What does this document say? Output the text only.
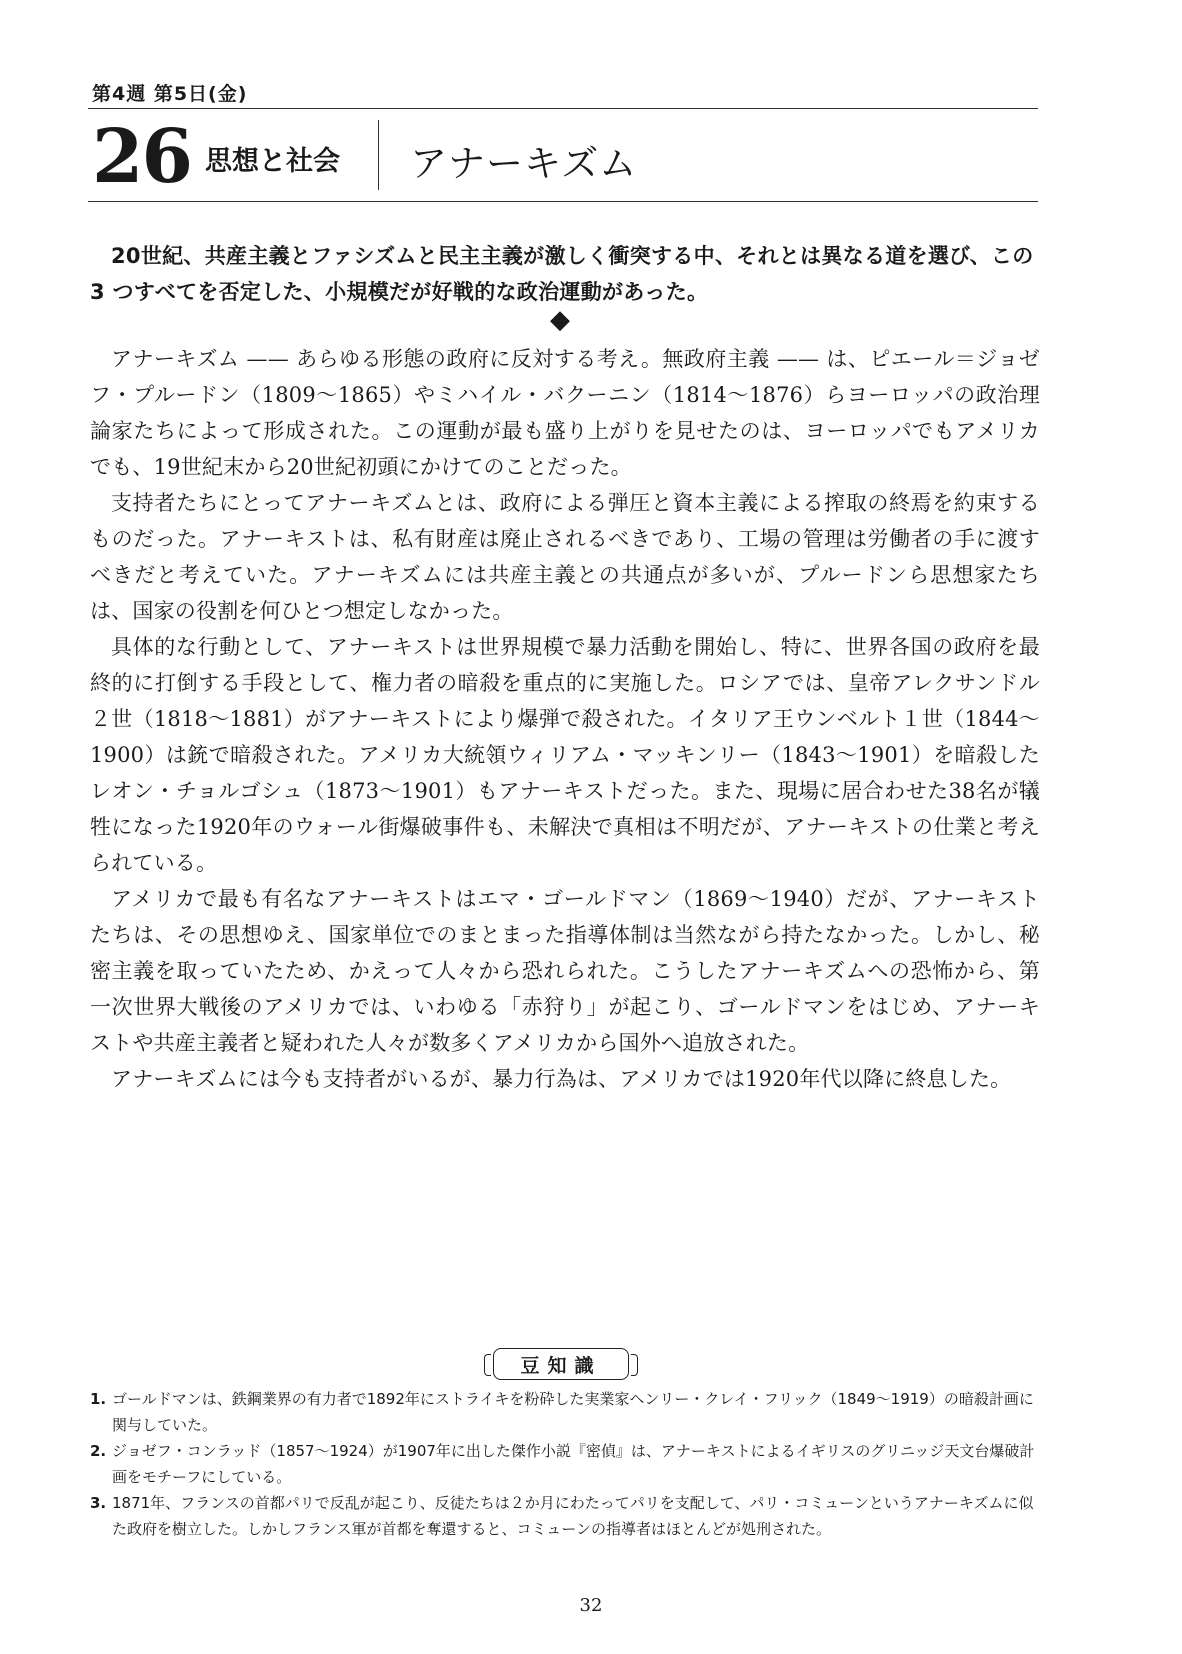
第4週 第5日(金)
26 思想と社会 アナーキズム
20世紀、共産主義とファシズムと民主主義が激しく衝突する中、それとは異なる道を選び、この 3 つすべてを否定した、小規模だが好戦的な政治運動があった。
◆

アナーキズム —— あらゆる形態の政府に反対する考え。無政府主義 —— は、ピエール＝ジョゼフ・プルードン（1809～1865）やミハイル・バクーニン（1814～1876）らヨーロッパの政治理論家たちによって形成された。この運動が最も盛り上がりを見せたのは、ヨーロッパでもアメリカでも、19世紀末から20世紀初頭にかけてのことだった。

支持者たちにとってアナーキズムとは、政府による弾圧と資本主義による搾取の終焉を約束するものだった。アナーキストは、私有財産は廃止されるべきであり、工場の管理は労働者の手に渡すべきだと考えていた。アナーキズムには共産主義との共通点が多いが、プルードンら思想家たちは、国家の役割を何ひとつ想定しなかった。

具体的な行動として、アナーキストは世界規模で暴力活動を開始し、特に、世界各国の政府を最終的に打倒する手段として、権力者の暗殺を重点的に実施した。ロシアでは、皇帝アレクサンドル２世（1818～1881）がアナーキストにより爆弾で殺された。イタリア王ウンベルト１世（1844～1900）は銃で暗殺された。アメリカ大統領ウィリアム・マッキンリー（1843～1901）を暗殺したレオン・チョルゴシュ（1873～1901）もアナーキストだった。また、現場に居合わせた38名が犠牲になった1920年のウォール街爆破事件も、未解決で真相は不明だが、アナーキストの仕業と考えられている。

アメリカで最も有名なアナーキストはエマ・ゴールドマン（1869～1940）だが、アナーキストたちは、その思想ゆえ、国家単位でのまとまった指導体制は当然ながら持たなかった。しかし、秘密主義を取っていたため、かえって人々から恐れられた。こうしたアナーキズムへの恐怖から、第一次世界大戦後のアメリカでは、いわゆる「赤狩り」が起こり、ゴールドマンをはじめ、アナーキストや共産主義者と疑われた人々が数多くアメリカから国外へ追放された。

アナーキズムには今も支持者がいるが、暴力行為は、アメリカでは1920年代以降に終息した。

豆知識
1. ゴールドマンは、鉄鋼業界の有力者で1892年にストライキを粉砕した実業家ヘンリー・クレイ・フリック（1849～1919）の暗殺計画に関与していた。
2. ジョゼフ・コンラッド（1857～1924）が1907年に出した傑作小説『密偵』は、アナーキストによるイギリスのグリニッジ天文台爆破計画をモチーフにしている。
3. 1871年、フランスの首都パリで反乱が起こり、反徒たちは２か月にわたってパリを支配して、パリ・コミューンというアナーキズムに似た政府を樹立した。しかしフランス軍が首都を奪還すると、コミューンの指導者はほとんどが処刑された。
32
